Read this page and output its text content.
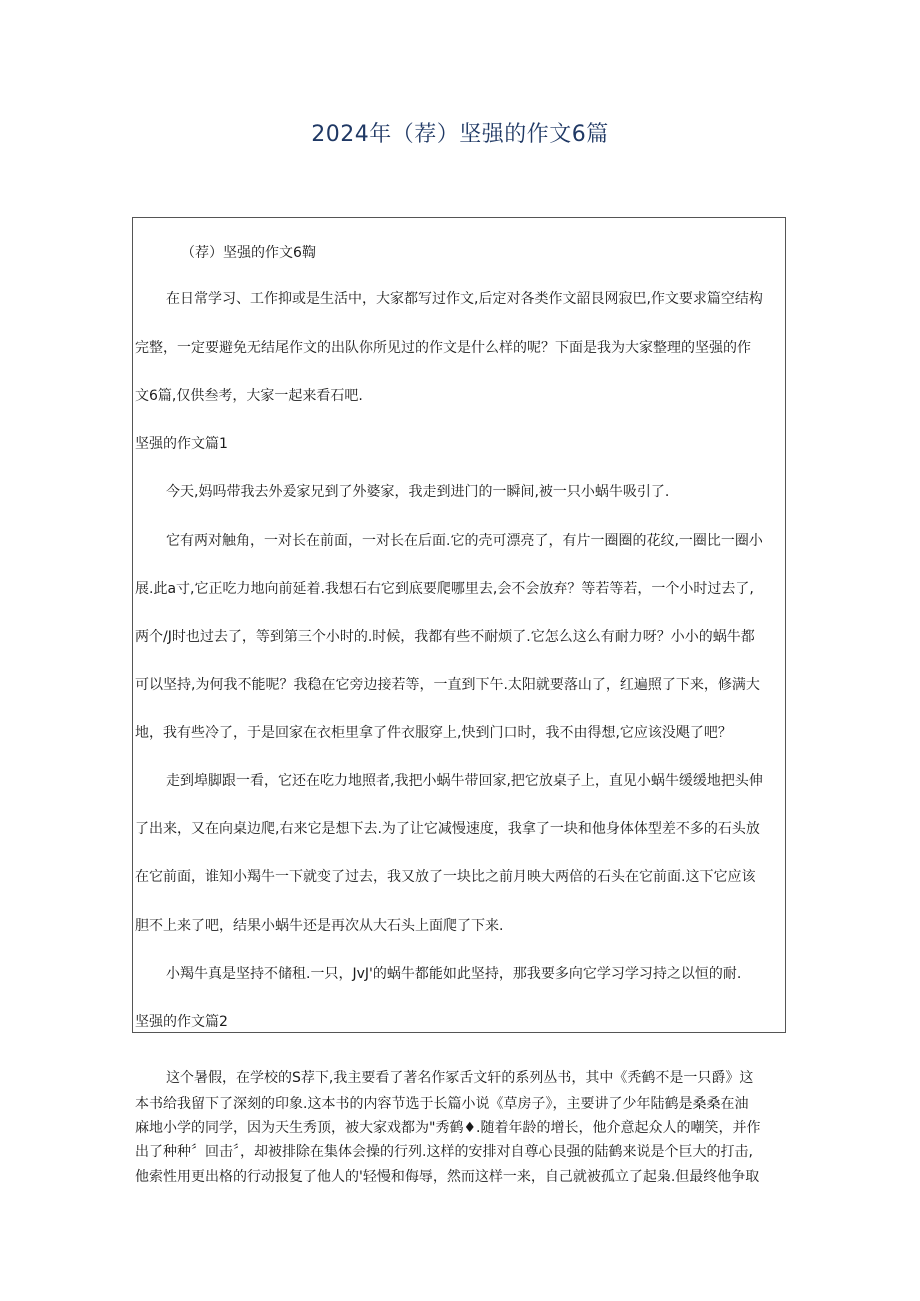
2024年（荐）坚强的作文6篇
（荐）坚强的作文6鞫
在日常学习、工作抑或是生活中，大家都写过作文,后定对各类作文韶艮网寂巴,作文要求篇空结构
完整，一定要避免无结尾作文的出队你所见过的作文是什么样的呢？下面是我为大家整理的坚强的作
文6篇,仅供叁考，大家一起来看石吧.
坚强的作文篇1
今天,妈吗带我去外爰家兄到了外婆家，我走到进门的一瞬间,被一只小蜗牛吸引了.
它有两对触角，一对长在前面，一对长在后面.它的壳可漂亮了，有片一圈圈的花纹,一圈比一圈小
展.此a寸,它正吃力地向前延着.我想石右它到底要爬哪里去,会不会放弃？等若等若，一个小时过去了,
两个/J时也过去了，等到第三个小时的.时候，我都有些不耐烦了.它怎么这么有耐力呀？小小的蜗牛都
可以坚持,为何我不能呢？我稳在它旁边接若等，一直到下午.太阳就要落山了，红遍照了下来，修满大
地，我有些冷了，于是回家在衣柜里拿了件衣服穿上,快到门口时，我不由得想,它应该没飓了吧？
走到埠脚跟一看，它还在吃力地照者,我把小蜗牛带回家,把它放桌子上，直见小蜗牛缓缓地把头伸
了出来，又在向桌边爬,右来它是想下去.为了让它减慢速度，我拿了一块和他身体体型差不多的石头放
在它前面，谁知小羯牛一下就变了过去，我又放了一块比之前月映大两倍的石头在它前面.这下它应该
胆不上来了吧，结果小蜗牛还是再次从大石头上面爬了下来.
小羯牛真是坚持不储租.一只，JvJ'的蜗牛都能如此坚持，那我要多向它学习学习持之以恒的耐.
坚强的作文篇2
这个暑假，在学校的S荐下,我主要看了著名作冢舌文轩的系列丛书，其中《秃鹤不是一只爵》这
本书给我留下了深刻的印象.这本书的内容节选于长篇小说《草房子》，主要讲了少年陆鹤是桑桑在油
麻地小学的同学，因为天生秀顶，被大家戏都为"秀鹤♦.随着年龄的增长，他介意起众人的嘲笑，并作
出了种种〞回击〞，却被排除在集体会操的行列.这样的安排对自尊心艮强的陆鹤来说是个巨大的打击,
他索性用更出格的行动报复了他人的'轻慢和侮辱，然而这样一来，自己就被孤立了起枭.但最终他争取
